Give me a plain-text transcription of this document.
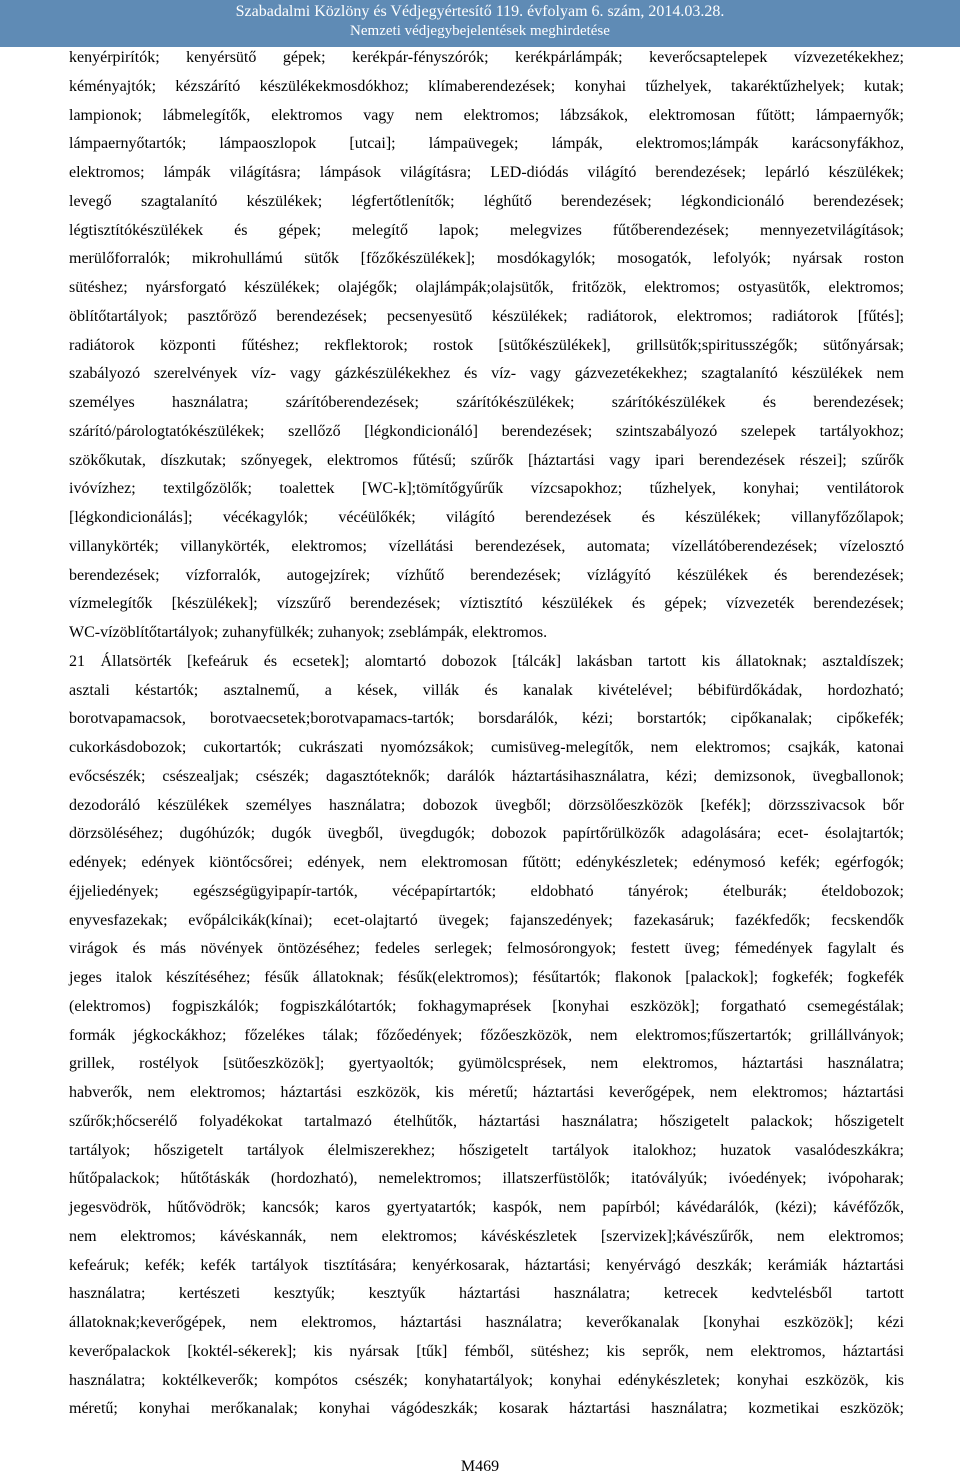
Szabadalmi Közlöny és Védjegyértesítő 119. évfolyam 6. szám, 2014.03.28.
Nemzeti védjegybejelentések meghirdetése
kenyérpirítók; kenyérsütő gépek; kerékpár-fényszórók; kerékpárlámpák; keverőcsaptelepek vízvezetékekhez;
kéményajtók; kézszárító készülékekmosdókhoz; klímaberendezések; konyhai tűzhelyek, takaréktűzhelyek; kutak;
lampionok; lábmelegítők, elektromos vagy nem elektromos; lábzsákok, elektromosan fűtött; lámpaernyők;
lámpaernyőtartók; lámpaoszlopok [utcai]; lámpaüvegek; lámpák, elektromos;lámpák karácsonyfákhoz,
elektromos; lámpák világításra; lámpások világításra; LED-diódás világító berendezések; lepárló készülékek;
levegő szagtalanító készülékek; légfertőtlenítők; léghűtő berendezések; légkondicionáló berendezések;
légtisztítókészülékek és gépek; melegítő lapok; melegvizes fűtőberendezések; mennyezetvilágítások;
merülőforralók; mikrohullámú sütők [főzőkészülékek]; mosdókagylók; mosogatók, lefolyók; nyársak roston
sütéshez; nyársforgató készülékek; olajégők; olajlámpák;olajsütők, fritőzök, elektromos; ostyasütők, elektromos;
öblítőtartályok; pasztőröző berendezések; pecsenyesütő készülékek; radiátorok, elektromos; radiátorok [fűtés];
radiátorok központi fűtéshez; rekflektorok; rostok [sütőkészülékek], grillsütők;spiritusszégők; sütőnyársak;
szabályozó szerelvények víz- vagy gázkészülékekhez és víz- vagy gázvezetékekhez; szagtalanító készülékek nem
személyes használatra; szárítóberendezések; szárítókészülékek; szárítókészülékek és berendezések;
szárító/párologtatókészülékek; szellőző [légkondicionáló] berendezések; szintszabályozó szelepek tartályokhoz;
szökőkutak, díszkutak; szőnyegek, elektromos fűtésű; szűrők [háztartási vagy ipari berendezések részei]; szűrők
ivóvízhez; textilgőzölők; toalettek [WC-k];tömítőgyűrűk vízcsapokhoz; tűzhelyek, konyhai; ventilátorok
[légkondicionálás]; vécékagylók; vécéülőkék; világító berendezések és készülékek; villanyfőzőlapok;
villanykörték; villanykörték, elektromos; vízellátási berendezések, automata; vízellátóberendezések; vízelosztó
berendezések; vízforralók, autogejzírek; vízhűtő berendezések; vízlágyító készülékek és berendezések;
vízmelegítők [készülékek]; vízszűrő berendezések; víztisztító készülékek és gépek; vízvezeték berendezések;
WC-vízöblítőtartályok; zuhanyfülkék; zuhanyok; zseblámpák, elektromos.
21 Állatsörték [kefeáruk és ecsetek]; alomtartó dobozok [tálcák] lakásban tartott kis állatoknak; asztaldíszek;
asztali késtartók; asztalnemű, a kések, villák és kanalak kivételével; bébifürdőkádak, hordozható;
borotvapamacsok, borotvaecsetek;borotvapamacs-tartók; borsdarálók, kézi; borstartók; cipőkanalak; cipőkefék;
cukorkásdobozok; cukortartók; cukrászati nyomózsákok; cumisüveg-melegítők, nem elektromos; csajkák, katonai
evőcsészék; csészealjak; csészék; dagasztóteknők; darálók háztartásihasználatra, kézi; demizsonok, üvegballonok;
dezodoráló készülékek személyes használatra; dobozok üvegből; dörzsölőeszközök [kefék]; dörzsszivacsok bőr
dörzsöléséhez; dugóhúzók; dugók üvegből, üvegdugók; dobozok papírtőrülközők adagolására; ecet- ésolajtartók;
edények; edények kiöntőcsőrei; edények, nem elektromosan fűtött; edénykészletek; edénymosó kefék; egérfogók;
éjjeliedények; egészségügyipapír-tartók, vécépapírtartók; eldobható tányérok; ételburák; ételdobozok;
enyvesfazekak; evőpálcikák(kínai); ecet-olajtartó üvegek; fajanszedények; fazekasáruk; fazékfedők; fecskendők
virágok és más növények öntözéséhez; fedeles serlegek; felmosórongyok; festett üveg; fémedények fagylalt és
jeges italok készítéséhez; fésűk állatoknak; fésűk(elektromos); fésűtartók; flakonok [palackok]; fogkefék; fogkefék
(elektromos) fogpiszkálók; fogpiszkálótartók; fokhagymaprések [konyhai eszközök]; forgatható csemegéstálak;
formák jégkockákhoz; főzelékes tálak; főzőedények; főzőeszközök, nem elektromos;fűszertartók; grillállványok;
grillek, rostélyok [sütőeszközök]; gyertyaoltók; gyümölcsprések, nem elektromos, háztartási használatra;
habverők, nem elektromos; háztartási eszközök, kis méretű; háztartási keverőgépek, nem elektromos; háztartási
szűrők;hőcserélő folyadékokat tartalmazó ételhűtők, háztartási használatra; hőszigetelt palackok; hőszigetelt
tartályok; hőszigetelt tartályok élelmiszerekhez; hőszigetelt tartályok italokhoz; huzatok vasalódeszkákra;
hűtőpalackok; hűtőtáskák (hordozható), nemelektromos; illatszerfüstölők; itatóvályúk; ivóedények; ivópoharak;
jegesvödrök, hűtővödrök; kancsók; karos gyertyatartók; kaspók, nem papírból; kávédarálók, (kézi); kávéfőzők,
nem elektromos; kávéskannák, nem elektromos; kávéskészletek [szervizek];kávészűrők, nem elektromos;
kefeáruk; kefék; kefék tartályok tisztítására; kenyérkosarak, háztartási; kenyérvágó deszkák; kerámiák háztartási
használatra; kertészeti kesztyűk; kesztyűk háztartási használatra; ketrecek kedvtelésből tartott
állatoknak;keverőgépek, nem elektromos, háztartási használatra; keverőkanalak [konyhai eszközök]; kézi
keverőpalackok [koktél-sékerek]; kis nyársak [tűk] fémből, sütéshez; kis seprők, nem elektromos, háztartási
használatra; koktélkeverők; kompótos csészék; konyhatartályok; konyhai edénykészletek; konyhai eszközök, kis
méretű; konyhai merőkanalak; konyhai vágódeszkák; kosarak háztartási használatra; kozmetikai eszközök;
M469
